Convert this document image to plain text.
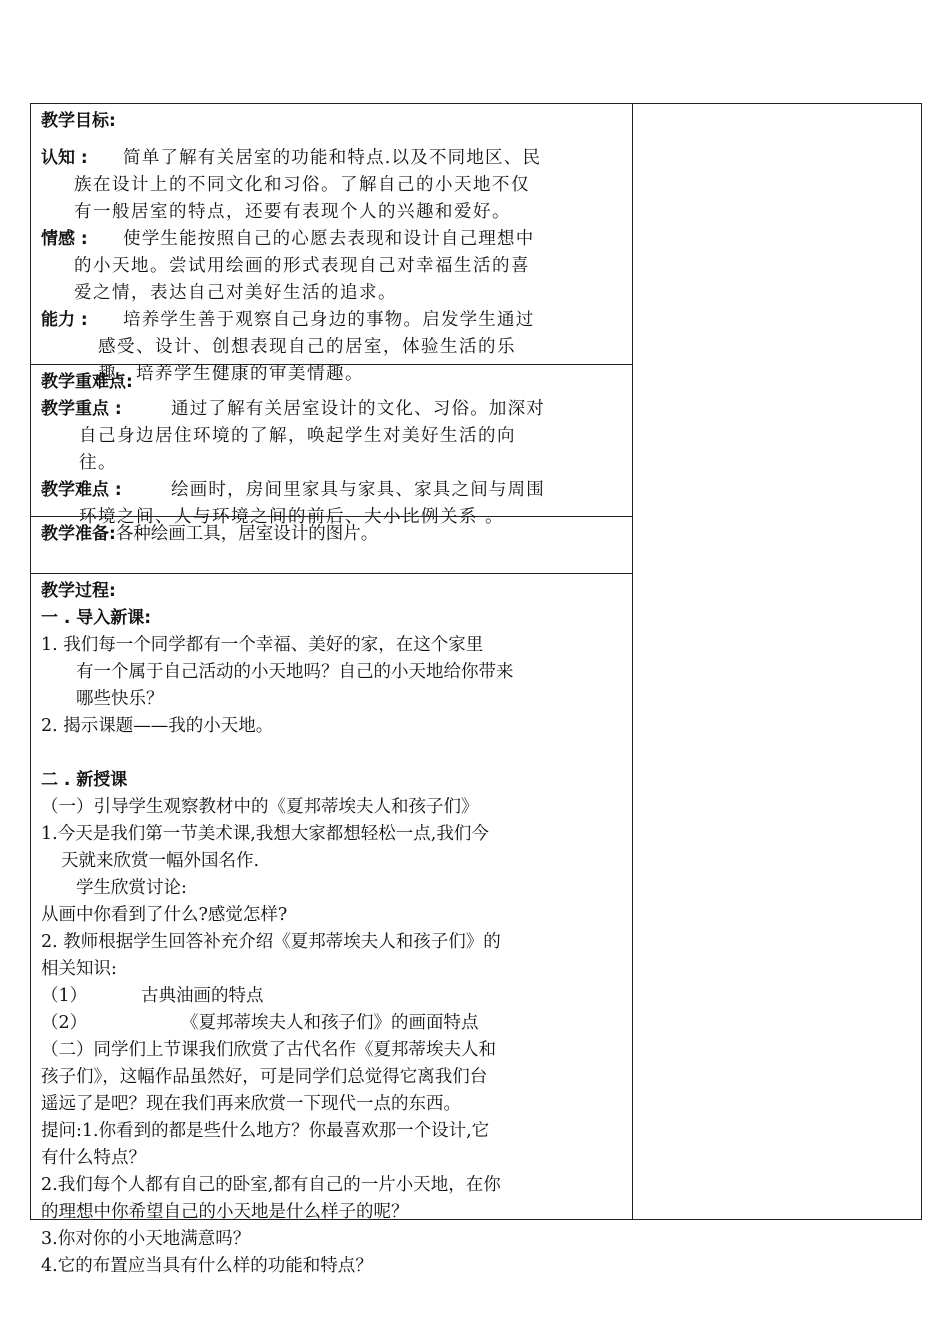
教学目标:
认知 :	简单了解有关居室的功能和特点.以及不同地区、民
族在设计上的不同文化和习俗。了解自己的小天地不仅
有一般居室的特点，还要有表现个人的兴趣和爱好。
情感 :	使学生能按照自己的心愿去表现和设计自己理想中
的小天地。尝试用绘画的形式表现自己对幸福生活的喜
爱之情，表达自己对美好生活的追求。
能力 :	培养学生善于观察自己身边的事物。启发学生通过
感受、设计、创想表现自己的居室，体验生活的乐
趣。培养学生健康的审美情趣。

教学重难点:
教学重点 :	通过了解有关居室设计的文化、习俗。加深对
自己身边居住环境的了解，唤起学生对美好生活的向
往。
教学难点 :	绘画时，房间里家具与家具、家具之间与周围
环境之间、人与环境之间的前后、大小比例关系 。

教学准备:各种绘画工具，居室设计的图片。

教学过程:
一 . 导入新课:
1. 我们每一个同学都有一个幸福、美好的家，在这个家里
有一个属于自己活动的小天地吗？自己的小天地给你带来
哪些快乐？
2. 揭示课题——我的小天地。
二 . 新授课
（一）引导学生观察教材中的《夏邦蒂埃夫人和孩子们》
1.今天是我们第一节美术课,我想大家都想轻松一点,我们今
天就来欣赏一幅外国名作.
学生欣赏讨论:
从画中你看到了什么?感觉怎样?
2. 教师根据学生回答补充介绍《夏邦蒂埃夫人和孩子们》的
相关知识:
（1）	古典油画的特点
（2）	《夏邦蒂埃夫人和孩子们》的画面特点
（二）同学们上节课我们欣赏了古代名作《夏邦蒂埃夫人和
孩子们》，这幅作品虽然好，可是同学们总觉得它离我们台
遥远了是吧？现在我们再来欣赏一下现代一点的东西。
提问:1.你看到的都是些什么地方？你最喜欢那一个设计,它
有什么特点？
2.我们每个人都有自己的卧室,都有自己的一片小天地，在你
的理想中你希望自己的小天地是什么样子的呢？
3.你对你的小天地满意吗？
4.它的布置应当具有什么样的功能和特点？
